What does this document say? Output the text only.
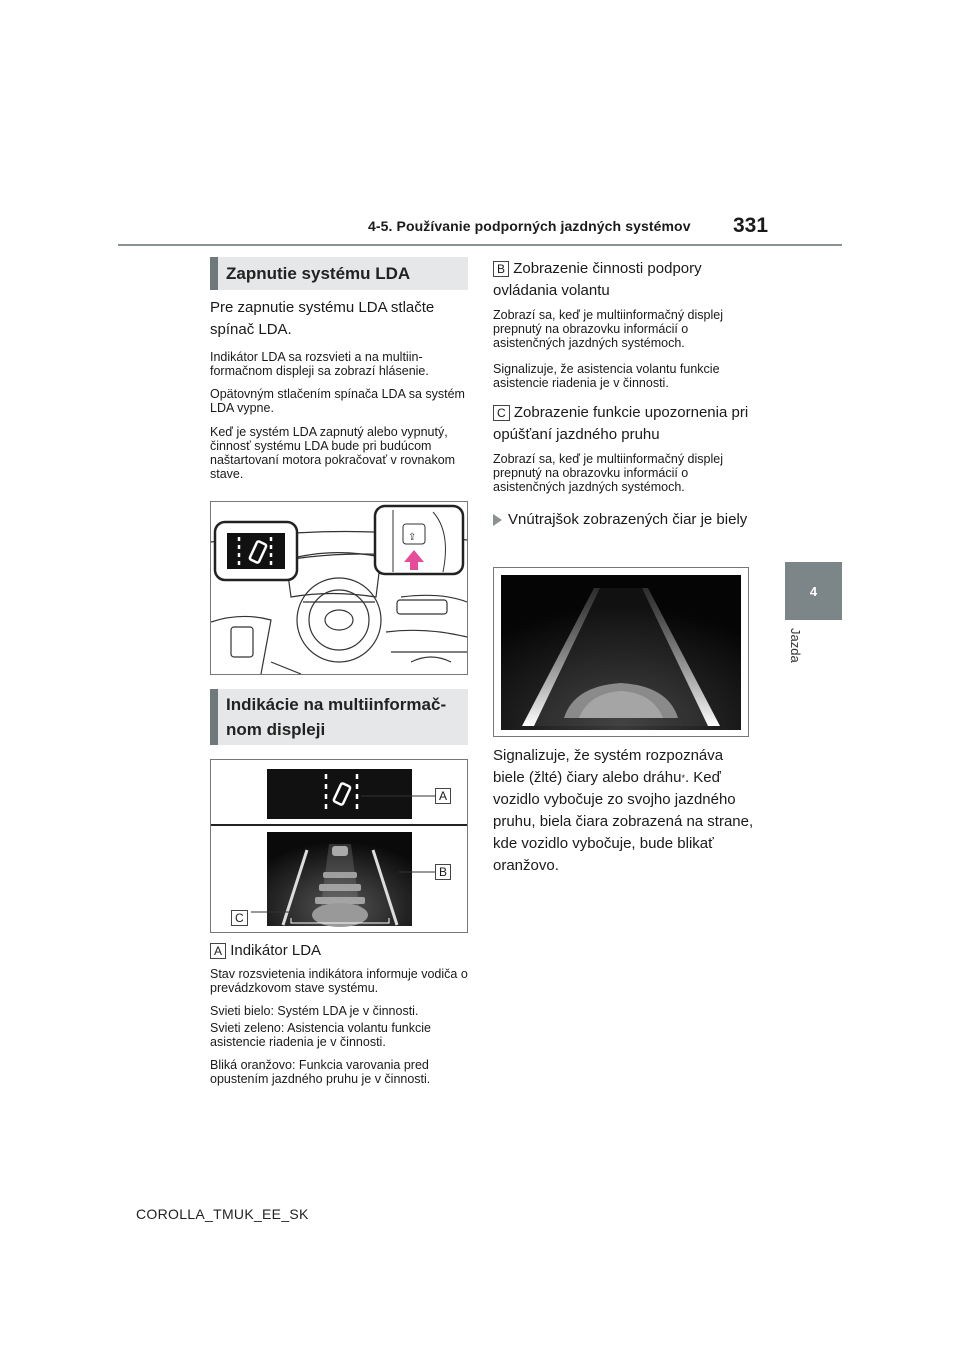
4-5. Používanie podporných jazdných systémov 331
4
Jazda
Zapnutie systému LDA
Pre zapnutie systému LDA stlačte spínač LDA.
Indikátor LDA sa rozsvieti a na multiinformačnom displeji sa zobrazí hlásenie.
Opätovným stlačením spínača LDA sa systém LDA vypne.
Keď je systém LDA zapnutý alebo vypnutý, činnosť systému LDA bude pri budúcom naštartovaní motora pokračovať v rovnakom stave.
⇪
Indikácie na multiinformačnom displeji
A
B
C
A Indikátor LDA
Stav rozsvietenia indikátora informuje vodiča o prevádzkovom stave systému.
Svieti bielo: Systém LDA je v činnosti.
Svieti zeleno: Asistencia volantu funkcie asistencie riadenia je v činnosti.
Bliká oranžovo: Funkcia varovania pred opustením jazdného pruhu je v činnosti.
B Zobrazenie činnosti podpory ovládania volantu
Zobrazí sa, keď je multiinformačný displej prepnutý na obrazovku informácií o asistenčných jazdných systémoch.
Signalizuje, že asistencia volantu funkcie asistencie riadenia je v činnosti.
C Zobrazenie funkcie upozornenia pri opúšťaní jazdného pruhu
Zobrazí sa, keď je multiinformačný displej prepnutý na obrazovku informácií o asistenčných jazdných systémoch.
Vnútrajšok zobrazených čiar je biely
Signalizuje, že systém rozpoznáva biele (žlté) čiary alebo dráhu*. Keď vozidlo vybočuje zo svojho jazdného pruhu, biela čiara zobrazená na strane, kde vozidlo vybočuje, bude blikať oranžovo.
COROLLA_TMUK_EE_SK
